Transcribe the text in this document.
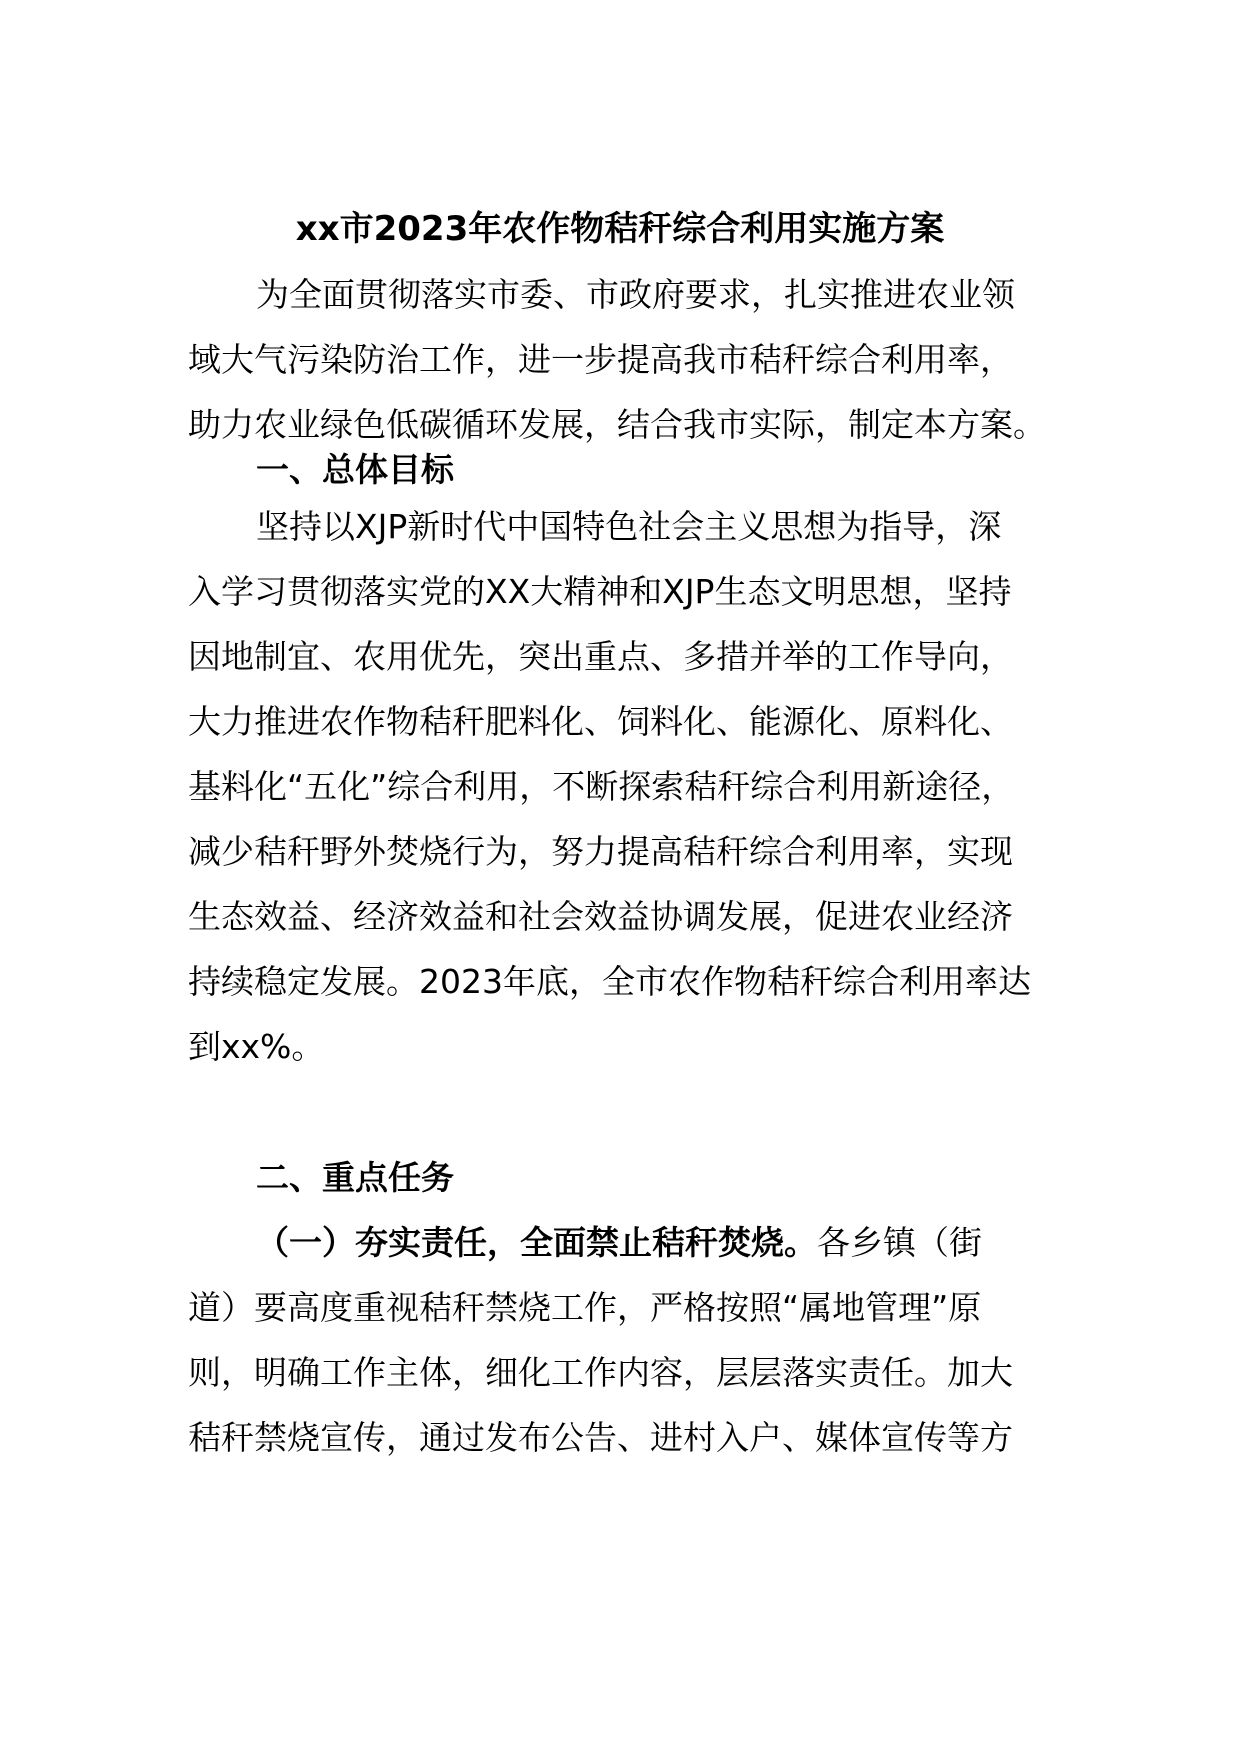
xx市2023年农作物秸秆综合利用实施方案
为全面贯彻落实市委、市政府要求，扎实推进农业领
域大气污染防治工作，进一步提高我市秸秆综合利用率，
助力农业绿色低碳循环发展，结合我市实际，制定本方案。
一、总体目标
坚持以XJP新时代中国特色社会主义思想为指导，深
入学习贯彻落实党的XX大精神和XJP生态文明思想，坚持
因地制宜、农用优先，突出重点、多措并举的工作导向，
大力推进农作物秸秆肥料化、饲料化、能源化、原料化、
基料化“五化”综合利用，不断探索秸秆综合利用新途径，
减少秸秆野外焚烧行为，努力提高秸秆综合利用率，实现
生态效益、经济效益和社会效益协调发展，促进农业经济
持续稳定发展。2023年底，全市农作物秸秆综合利用率达
到xx%。
二、重点任务
（一）夯实责任，全面禁止秸秆焚烧。各乡镇（街
道）要高度重视秸秆禁烧工作，严格按照“属地管理”原
则，明确工作主体，细化工作内容，层层落实责任。加大
秸秆禁烧宣传，通过发布公告、进村入户、媒体宣传等方
